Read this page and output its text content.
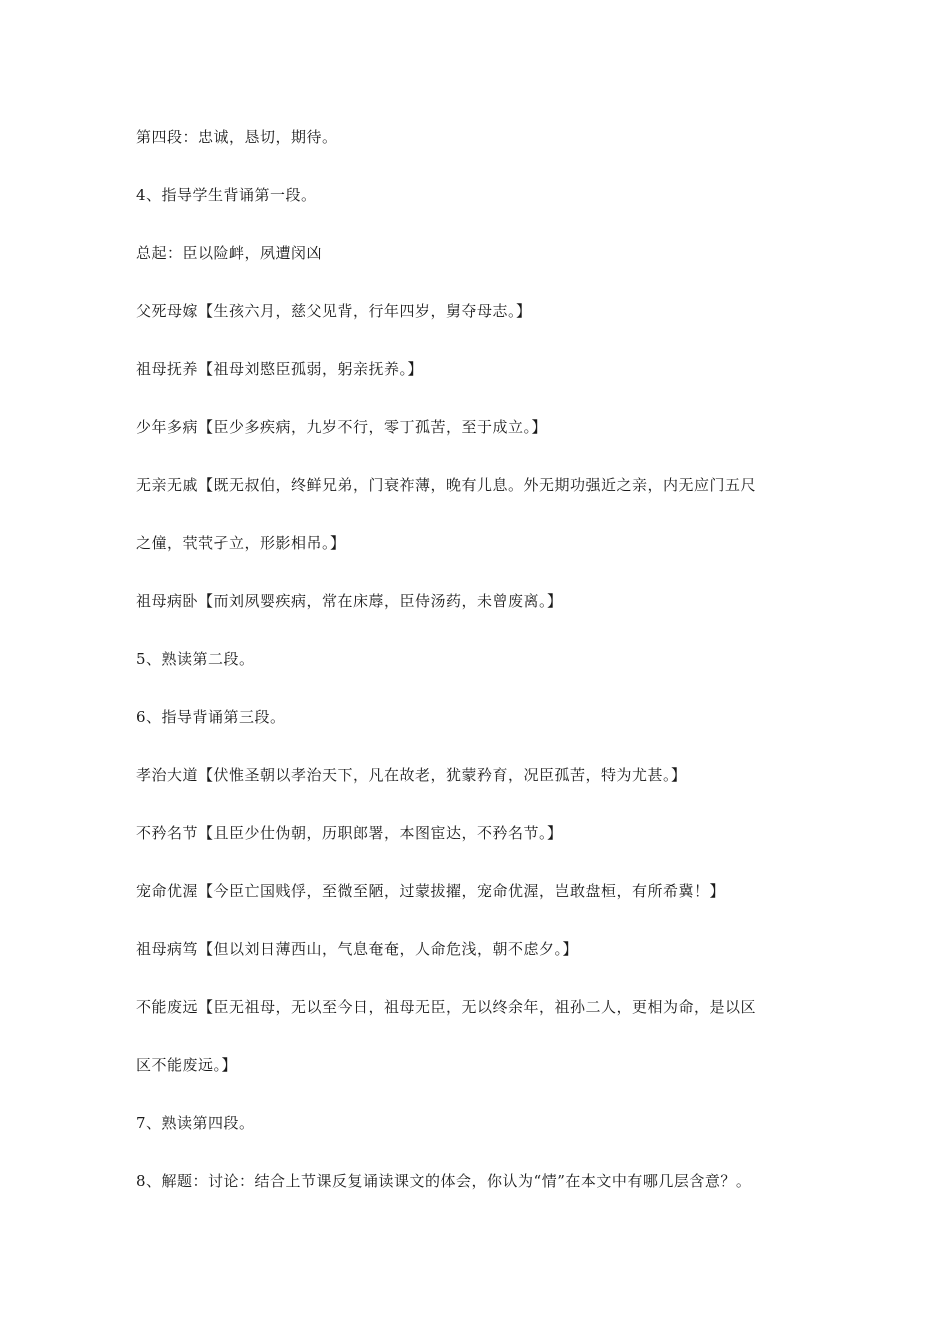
第四段：忠诚，恳切，期待。
4、指导学生背诵第一段。
总起：臣以险衅，夙遭闵凶
父死母嫁【生孩六月，慈父见背，行年四岁，舅夺母志。】
祖母抚养【祖母刘愍臣孤弱，躬亲抚养。】
少年多病【臣少多疾病，九岁不行，零丁孤苦，至于成立。】
无亲无戚【既无叔伯，终鲜兄弟，门衰祚薄，晚有儿息。外无期功强近之亲，内无应门五尺
之僮，茕茕孑立，形影相吊。】
祖母病卧【而刘夙婴疾病，常在床蓐，臣侍汤药，未曾废离。】
5、熟读第二段。
6、指导背诵第三段。
孝治大道【伏惟圣朝以孝治天下，凡在故老，犹蒙矜育，况臣孤苦，特为尤甚。】
不矜名节【且臣少仕伪朝，历职郎署，本图宦达，不矜名节。】
宠命优渥【今臣亡国贱俘，至微至陋，过蒙拔擢，宠命优渥，岂敢盘桓，有所希冀！】
祖母病笃【但以刘日薄西山，气息奄奄，人命危浅，朝不虑夕。】
不能废远【臣无祖母，无以至今日，祖母无臣，无以终余年，祖孙二人，更相为命，是以区
区不能废远。】
7、熟读第四段。
8、解题：讨论：结合上节课反复诵读课文的体会，你认为“情”在本文中有哪几层含意？。
